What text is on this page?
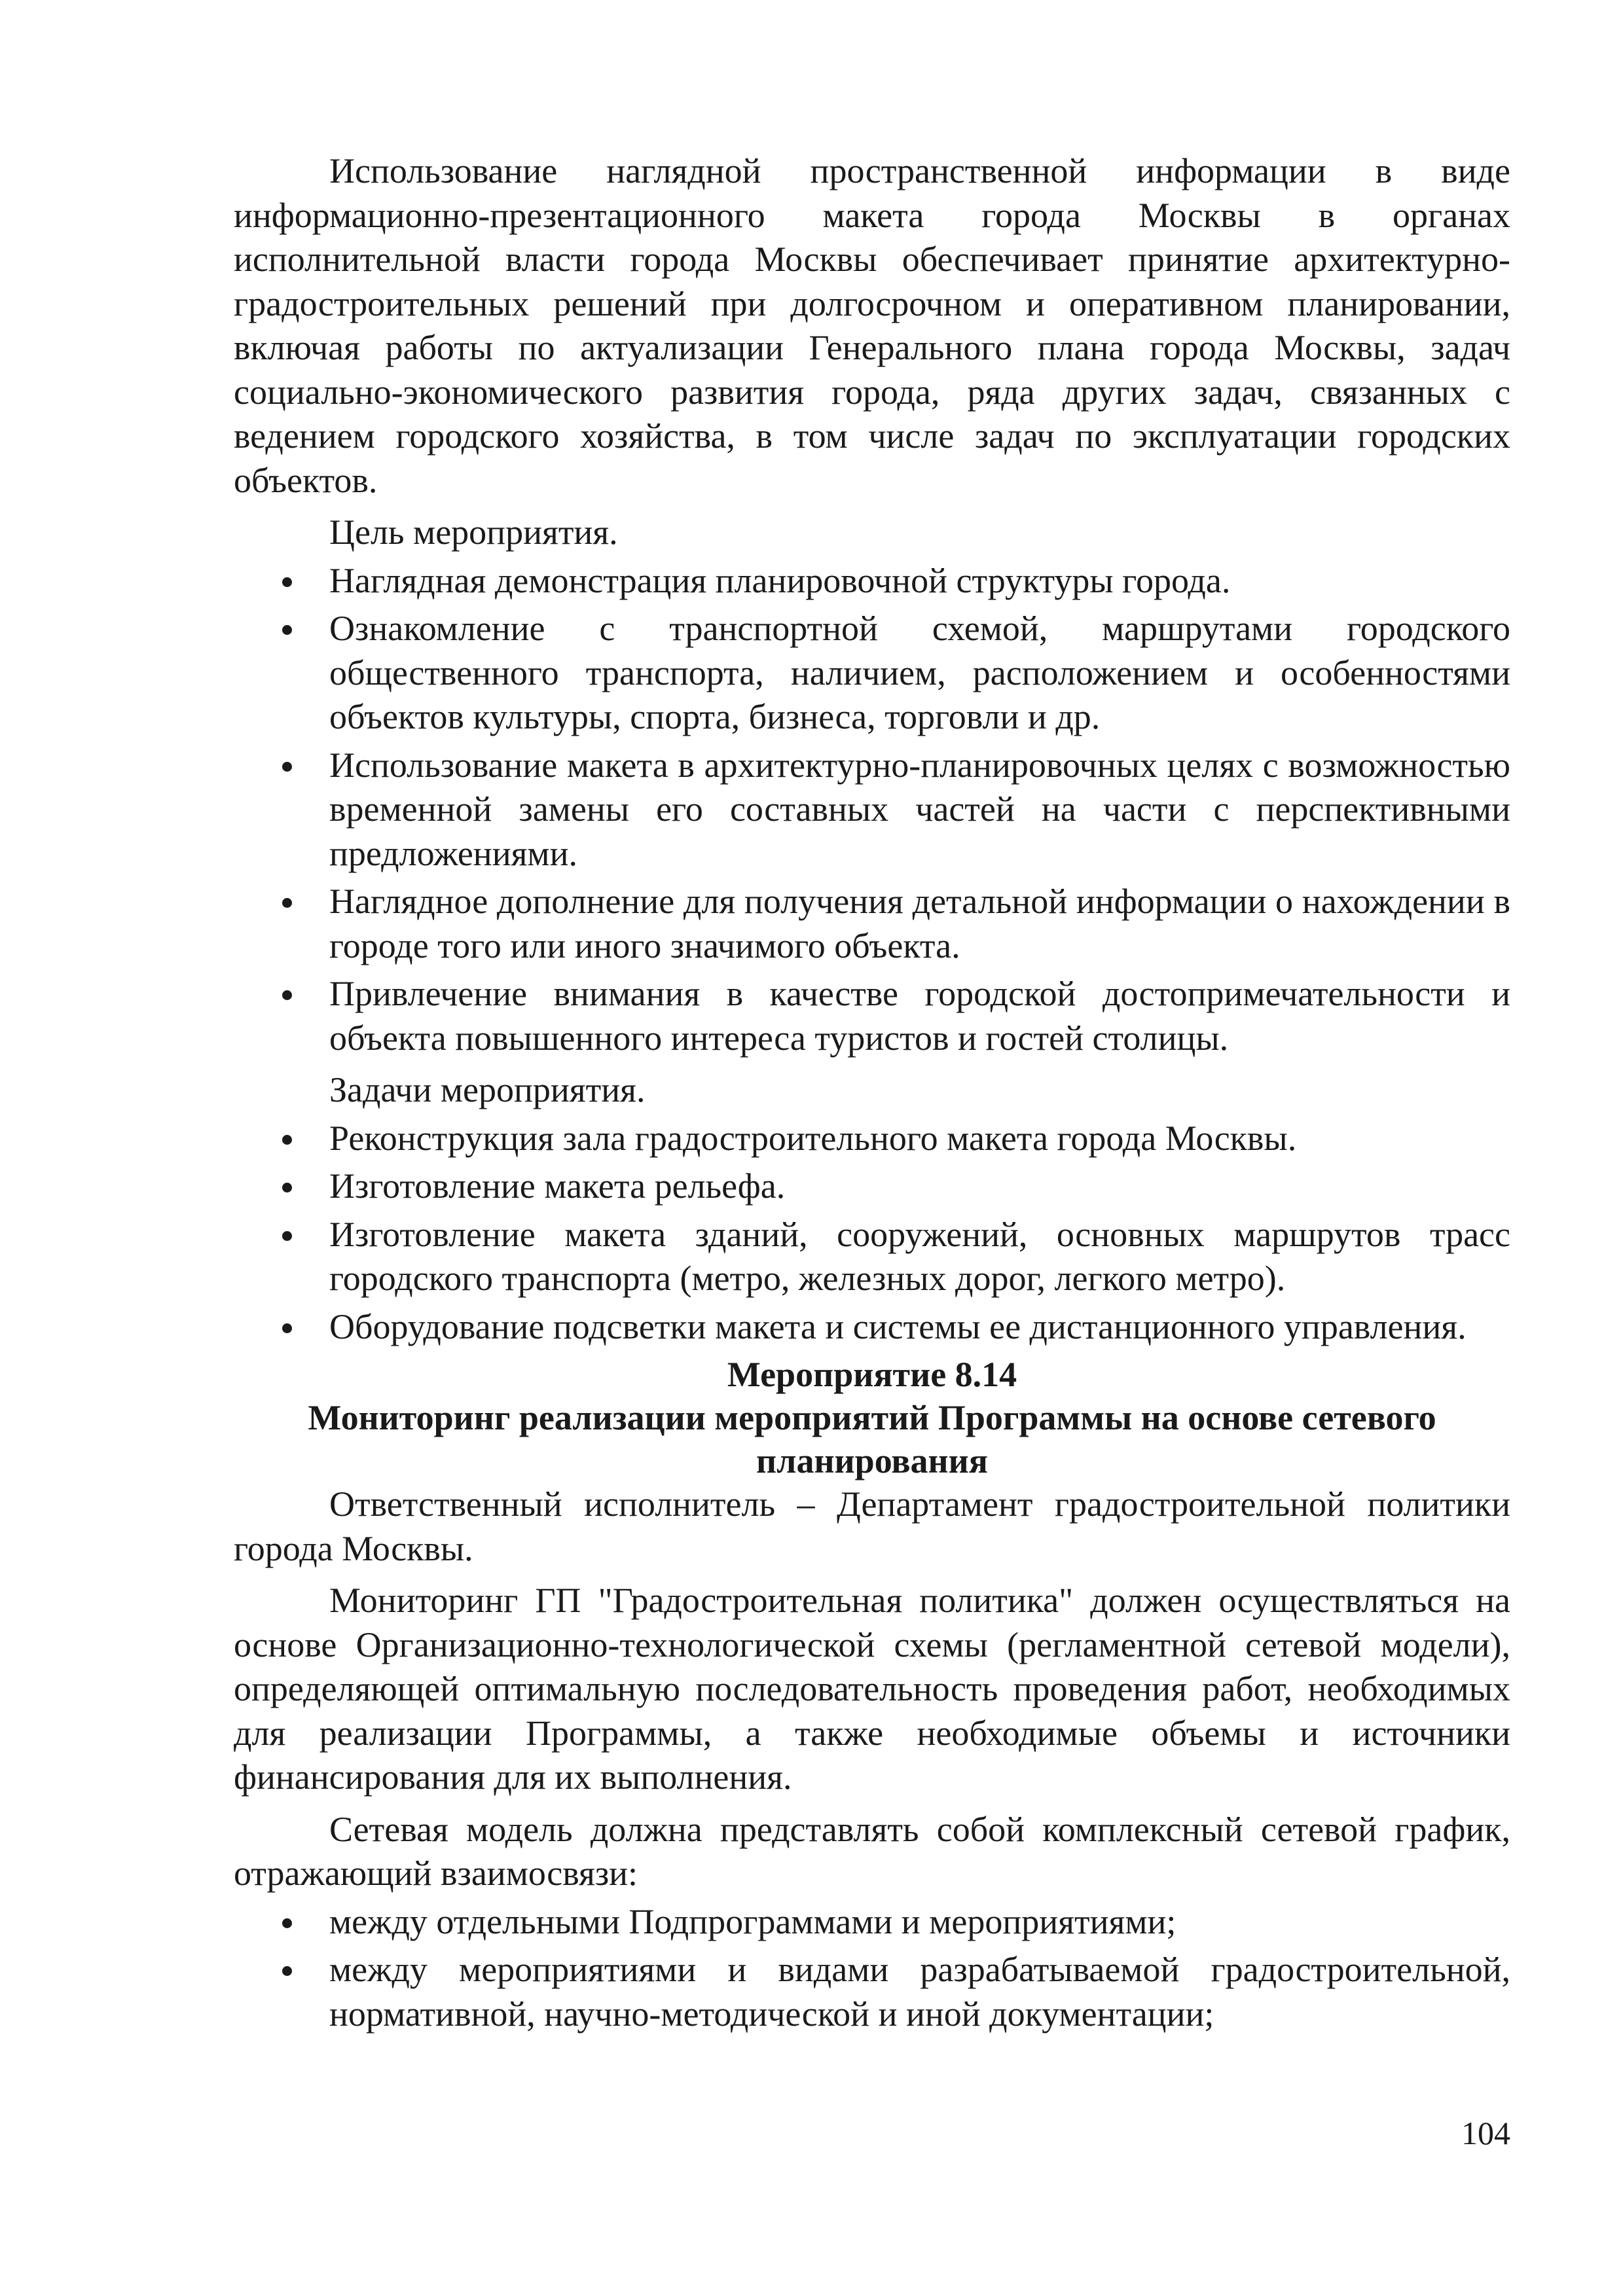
Использование наглядной пространственной информации в виде информационно-презентационного макета города Москвы в органах исполнительной власти города Москвы обеспечивает принятие архитектурно-градостроительных решений при долгосрочном и оперативном планировании, включая работы по актуализации Генерального плана города Москвы, задач социально-экономического развития города, ряда других задач, связанных с ведением городского хозяйства, в том числе задач по эксплуатации городских объектов.

Цель мероприятия.

Наглядная демонстрация планировочной структуры города.
Ознакомление с транспортной схемой, маршрутами городского общественного транспорта, наличием, расположением и особенностями объектов культуры, спорта, бизнеса, торговли и др.
Использование макета в архитектурно-планировочных целях с возможностью временной замены его составных частей на части с перспективными предложениями.
Наглядное дополнение для получения детальной информации о нахождении в городе того или иного значимого объекта.
Привлечение внимания в качестве городской достопримечательности и объекта повышенного интереса туристов и гостей столицы.

Задачи мероприятия.

Реконструкция зала градостроительного макета города Москвы.
Изготовление макета рельефа.
Изготовление макета зданий, сооружений, основных маршрутов трасс городского транспорта (метро, железных дорог, легкого метро).
Оборудование подсветки макета и системы ее дистанционного управления.
Мероприятие 8.14
Мониторинг реализации мероприятий Программы на основе сетевого планирования

Ответственный исполнитель – Департамент градостроительной политики города Москвы.

Мониторинг ГП "Градостроительная политика" должен осуществляться на основе Организационно-технологической схемы (регламентной сетевой модели), определяющей оптимальную последовательность проведения работ, необходимых для реализации Программы, а также необходимые объемы и источники финансирования для их выполнения.

Сетевая модель должна представлять собой комплексный сетевой график, отражающий взаимосвязи:

между отдельными Подпрограммами и мероприятиями;
между мероприятиями и видами разрабатываемой градостроительной, нормативной, научно-методической и иной документации;
104
